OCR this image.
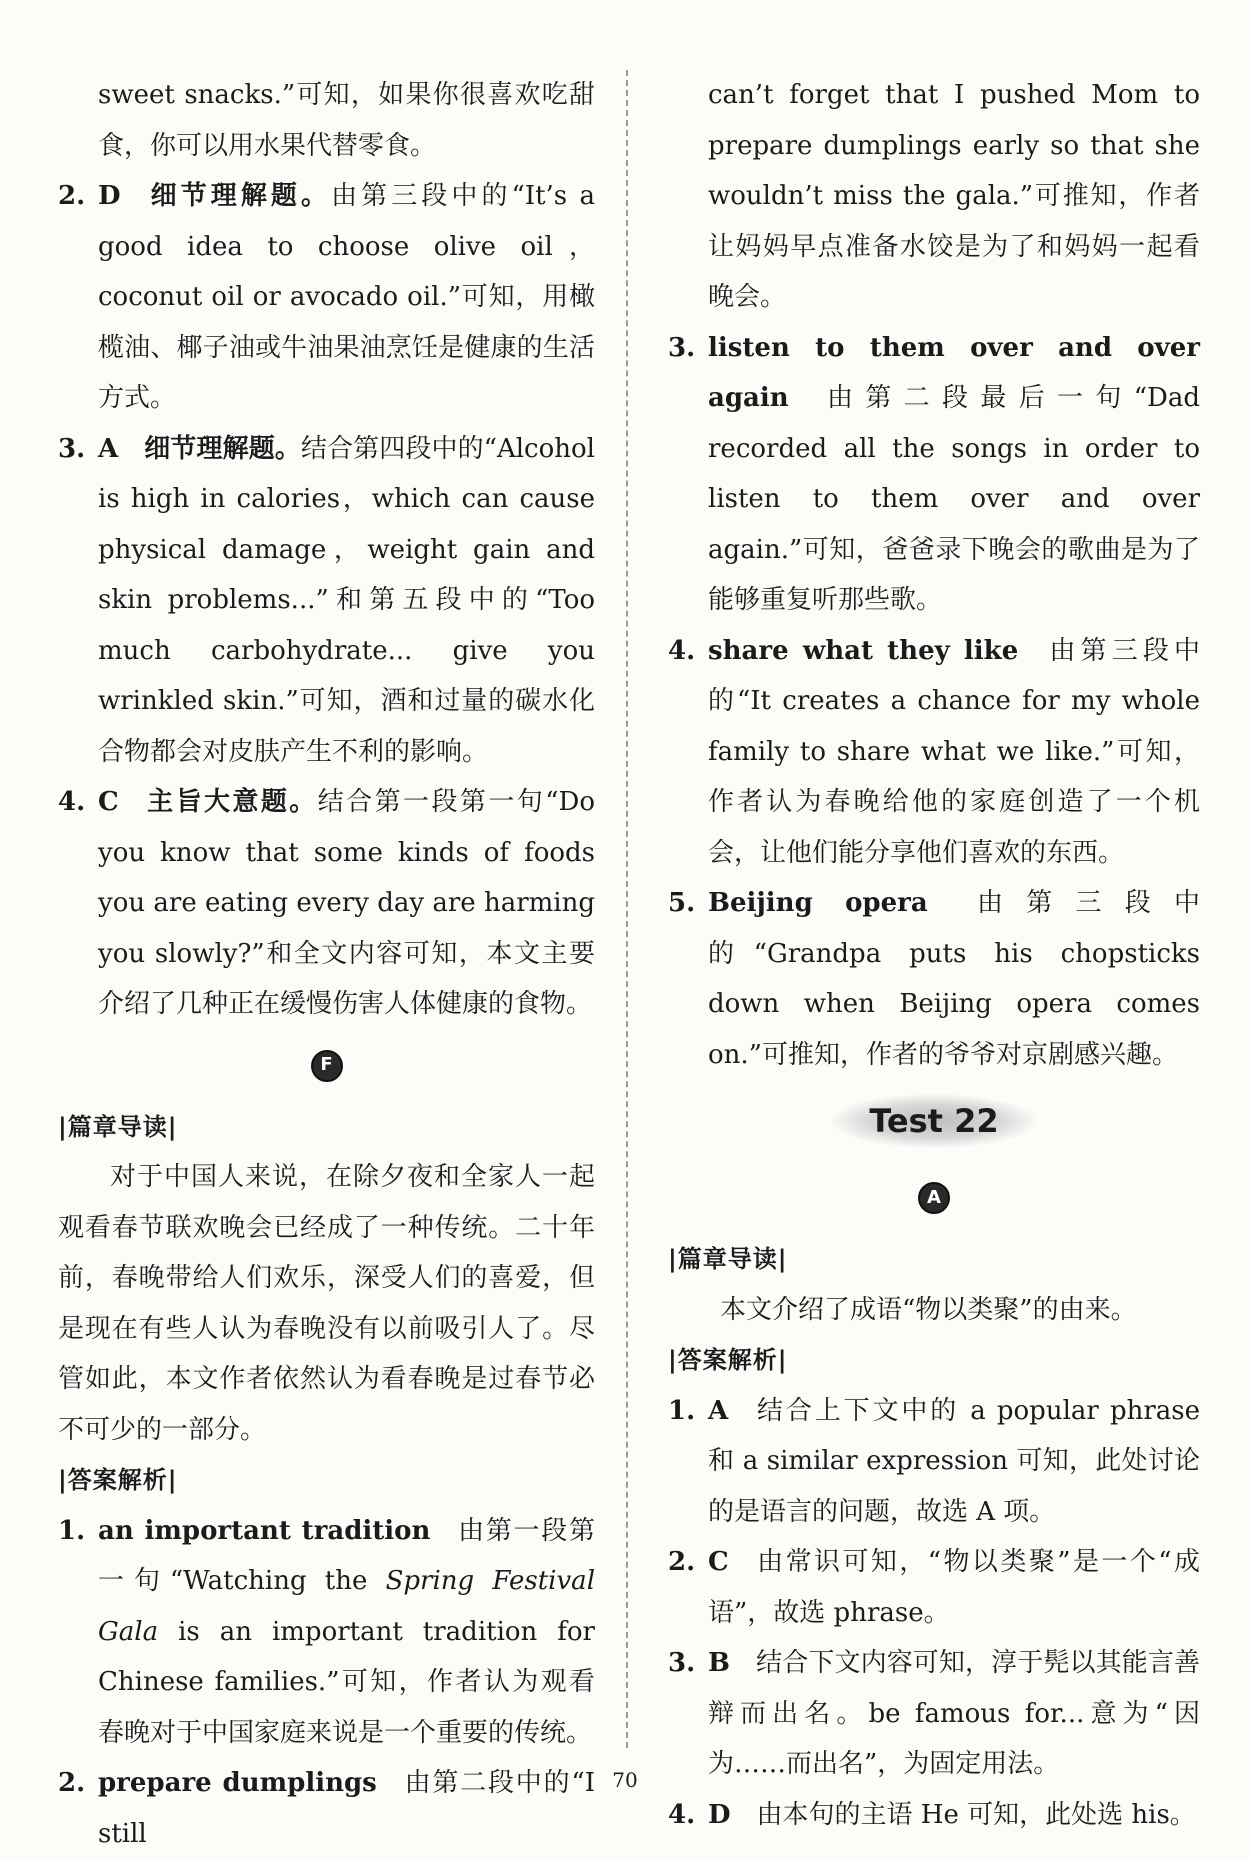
sweet snacks.”可知，如果你很喜欢吃甜食，你可以用水果代替零食。
2. D 细节理解题。由第三段中的“It’s a good idea to choose olive oil，coconut oil or avocado oil.”可知，用橄榄油、椰子油或牛油果油烹饪是健康的生活方式。
3. A 细节理解题。结合第四段中的“Alcohol is high in calories，which can cause physical damage，weight gain and skin problems...”和第五段中的“Too much carbohydrate... give you wrinkled skin.”可知，酒和过量的碳水化合物都会对皮肤产生不利的影响。
4. C 主旨大意题。结合第一段第一句“Do you know that some kinds of foods you are eating every day are harming you slowly?”和全文内容可知，本文主要介绍了几种正在缓慢伤害人体健康的食物。
F
|篇章导读|
对于中国人来说，在除夕夜和全家人一起观看春节联欢晚会已经成了一种传统。二十年前，春晚带给人们欢乐，深受人们的喜爱，但是现在有些人认为春晚没有以前吸引人了。尽管如此，本文作者依然认为看春晚是过春节必不可少的一部分。
|答案解析|
1. an important tradition 由第一段第一句“Watching the Spring Festival Gala is an important tradition for Chinese families.”可知，作者认为观看春晚对于中国家庭来说是一个重要的传统。
2. prepare dumplings 由第二段中的“I still
can’t forget that I pushed Mom to prepare dumplings early so that she wouldn’t miss the gala.”可推知，作者让妈妈早点准备水饺是为了和妈妈一起看晚会。
3. listen to them over and over again 由第二段最后一句“Dad recorded all the songs in order to listen to them over and over again.”可知，爸爸录下晚会的歌曲是为了能够重复听那些歌。
4. share what they like 由第三段中的“It creates a chance for my whole family to share what we like.”可知，作者认为春晚给他的家庭创造了一个机会，让他们能分享他们喜欢的东西。
5. Beijing opera 由第三段中的“Grandpa puts his chopsticks down when Beijing opera comes on.”可推知，作者的爷爷对京剧感兴趣。
Test 22
A
|篇章导读|
本文介绍了成语“物以类聚”的由来。
|答案解析|
1. A 结合上下文中的 a popular phrase 和 a similar expression 可知，此处讨论的是语言的问题，故选 A 项。
2. C 由常识可知，“物以类聚”是一个“成语”，故选 phrase。
3. B 结合下文内容可知，淳于髡以其能言善辩而出名。be famous for...意为“因为……而出名”，为固定用法。
4. D 由本句的主语 He 可知，此处选 his。
70
